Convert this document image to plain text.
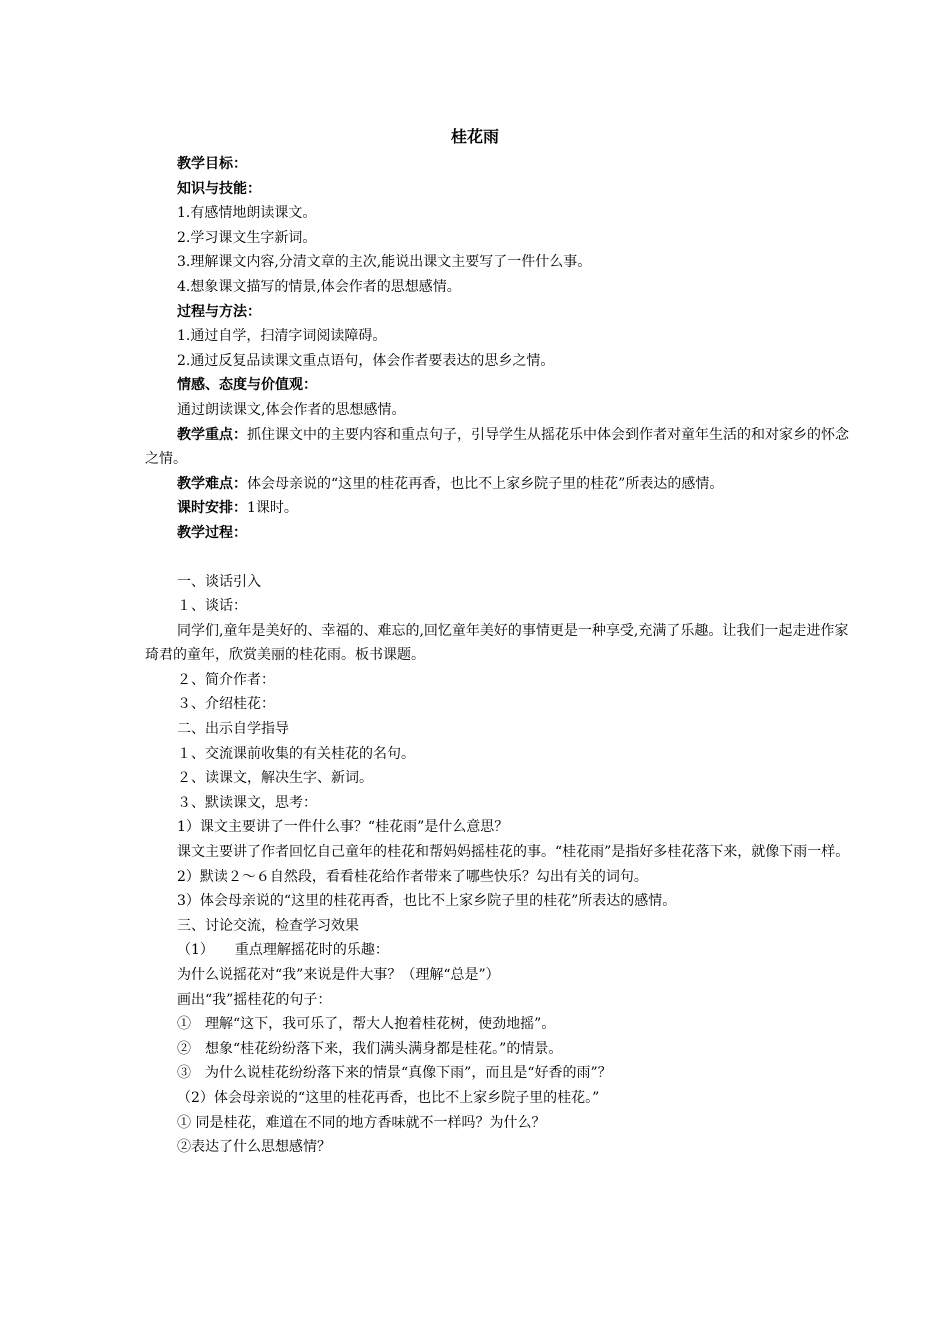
桂花雨

教学目标：

知识与技能：

1.有感情地朗读课文。

2.学习课文生字新词。

3.理解课文内容,分清文章的主次,能说出课文主要写了一件什么事。

4.想象课文描写的情景,体会作者的思想感情。

过程与方法：

1.通过自学，扫清字词阅读障碍。

2.通过反复品读课文重点语句，体会作者要表达的思乡之情。

情感、态度与价值观：

通过朗读课文,体会作者的思想感情。

教学重点：抓住课文中的主要内容和重点句子，引导学生从摇花乐中体会到作者对童年生活的和对家乡的怀念之情。

教学难点：体会母亲说的“这里的桂花再香，也比不上家乡院子里的桂花”所表达的感情。

课时安排：1课时。

教学过程：

一、谈话引入

１、谈话：

同学们,童年是美好的、幸福的、难忘的,回忆童年美好的事情更是一种享受,充满了乐趣。让我们一起走进作家琦君的童年，欣赏美丽的桂花雨。板书课题。

２、简介作者：

３、介绍桂花：

二、出示自学指导

１、交流课前收集的有关桂花的名句。

２、读课文，解决生字、新词。

３、默读课文，思考：

1）课文主要讲了一件什么事？“桂花雨”是什么意思？

课文主要讲了作者回忆自己童年的桂花和帮妈妈摇桂花的事。“桂花雨”是指好多桂花落下来，就像下雨一样。

2）默读２～６自然段，看看桂花给作者带来了哪些快乐？勾出有关的词句。

3）体会母亲说的“这里的桂花再香，也比不上家乡院子里的桂花”所表达的感情。

三、讨论交流，检查学习效果

（1）　　重点理解摇花时的乐趣：

为什么说摇花对“我”来说是件大事？（理解“总是”）

画出“我”摇桂花的句子：

①　理解“这下，我可乐了，帮大人抱着桂花树，使劲地摇”。

②　想象“桂花纷纷落下来，我们满头满身都是桂花。”的情景。

③　为什么说桂花纷纷落下来的情景“真像下雨”，而且是“好香的雨”？

（2）体会母亲说的“这里的桂花再香，也比不上家乡院子里的桂花。”

① 同是桂花，难道在不同的地方香味就不一样吗？为什么？

②表达了什么思想感情？
